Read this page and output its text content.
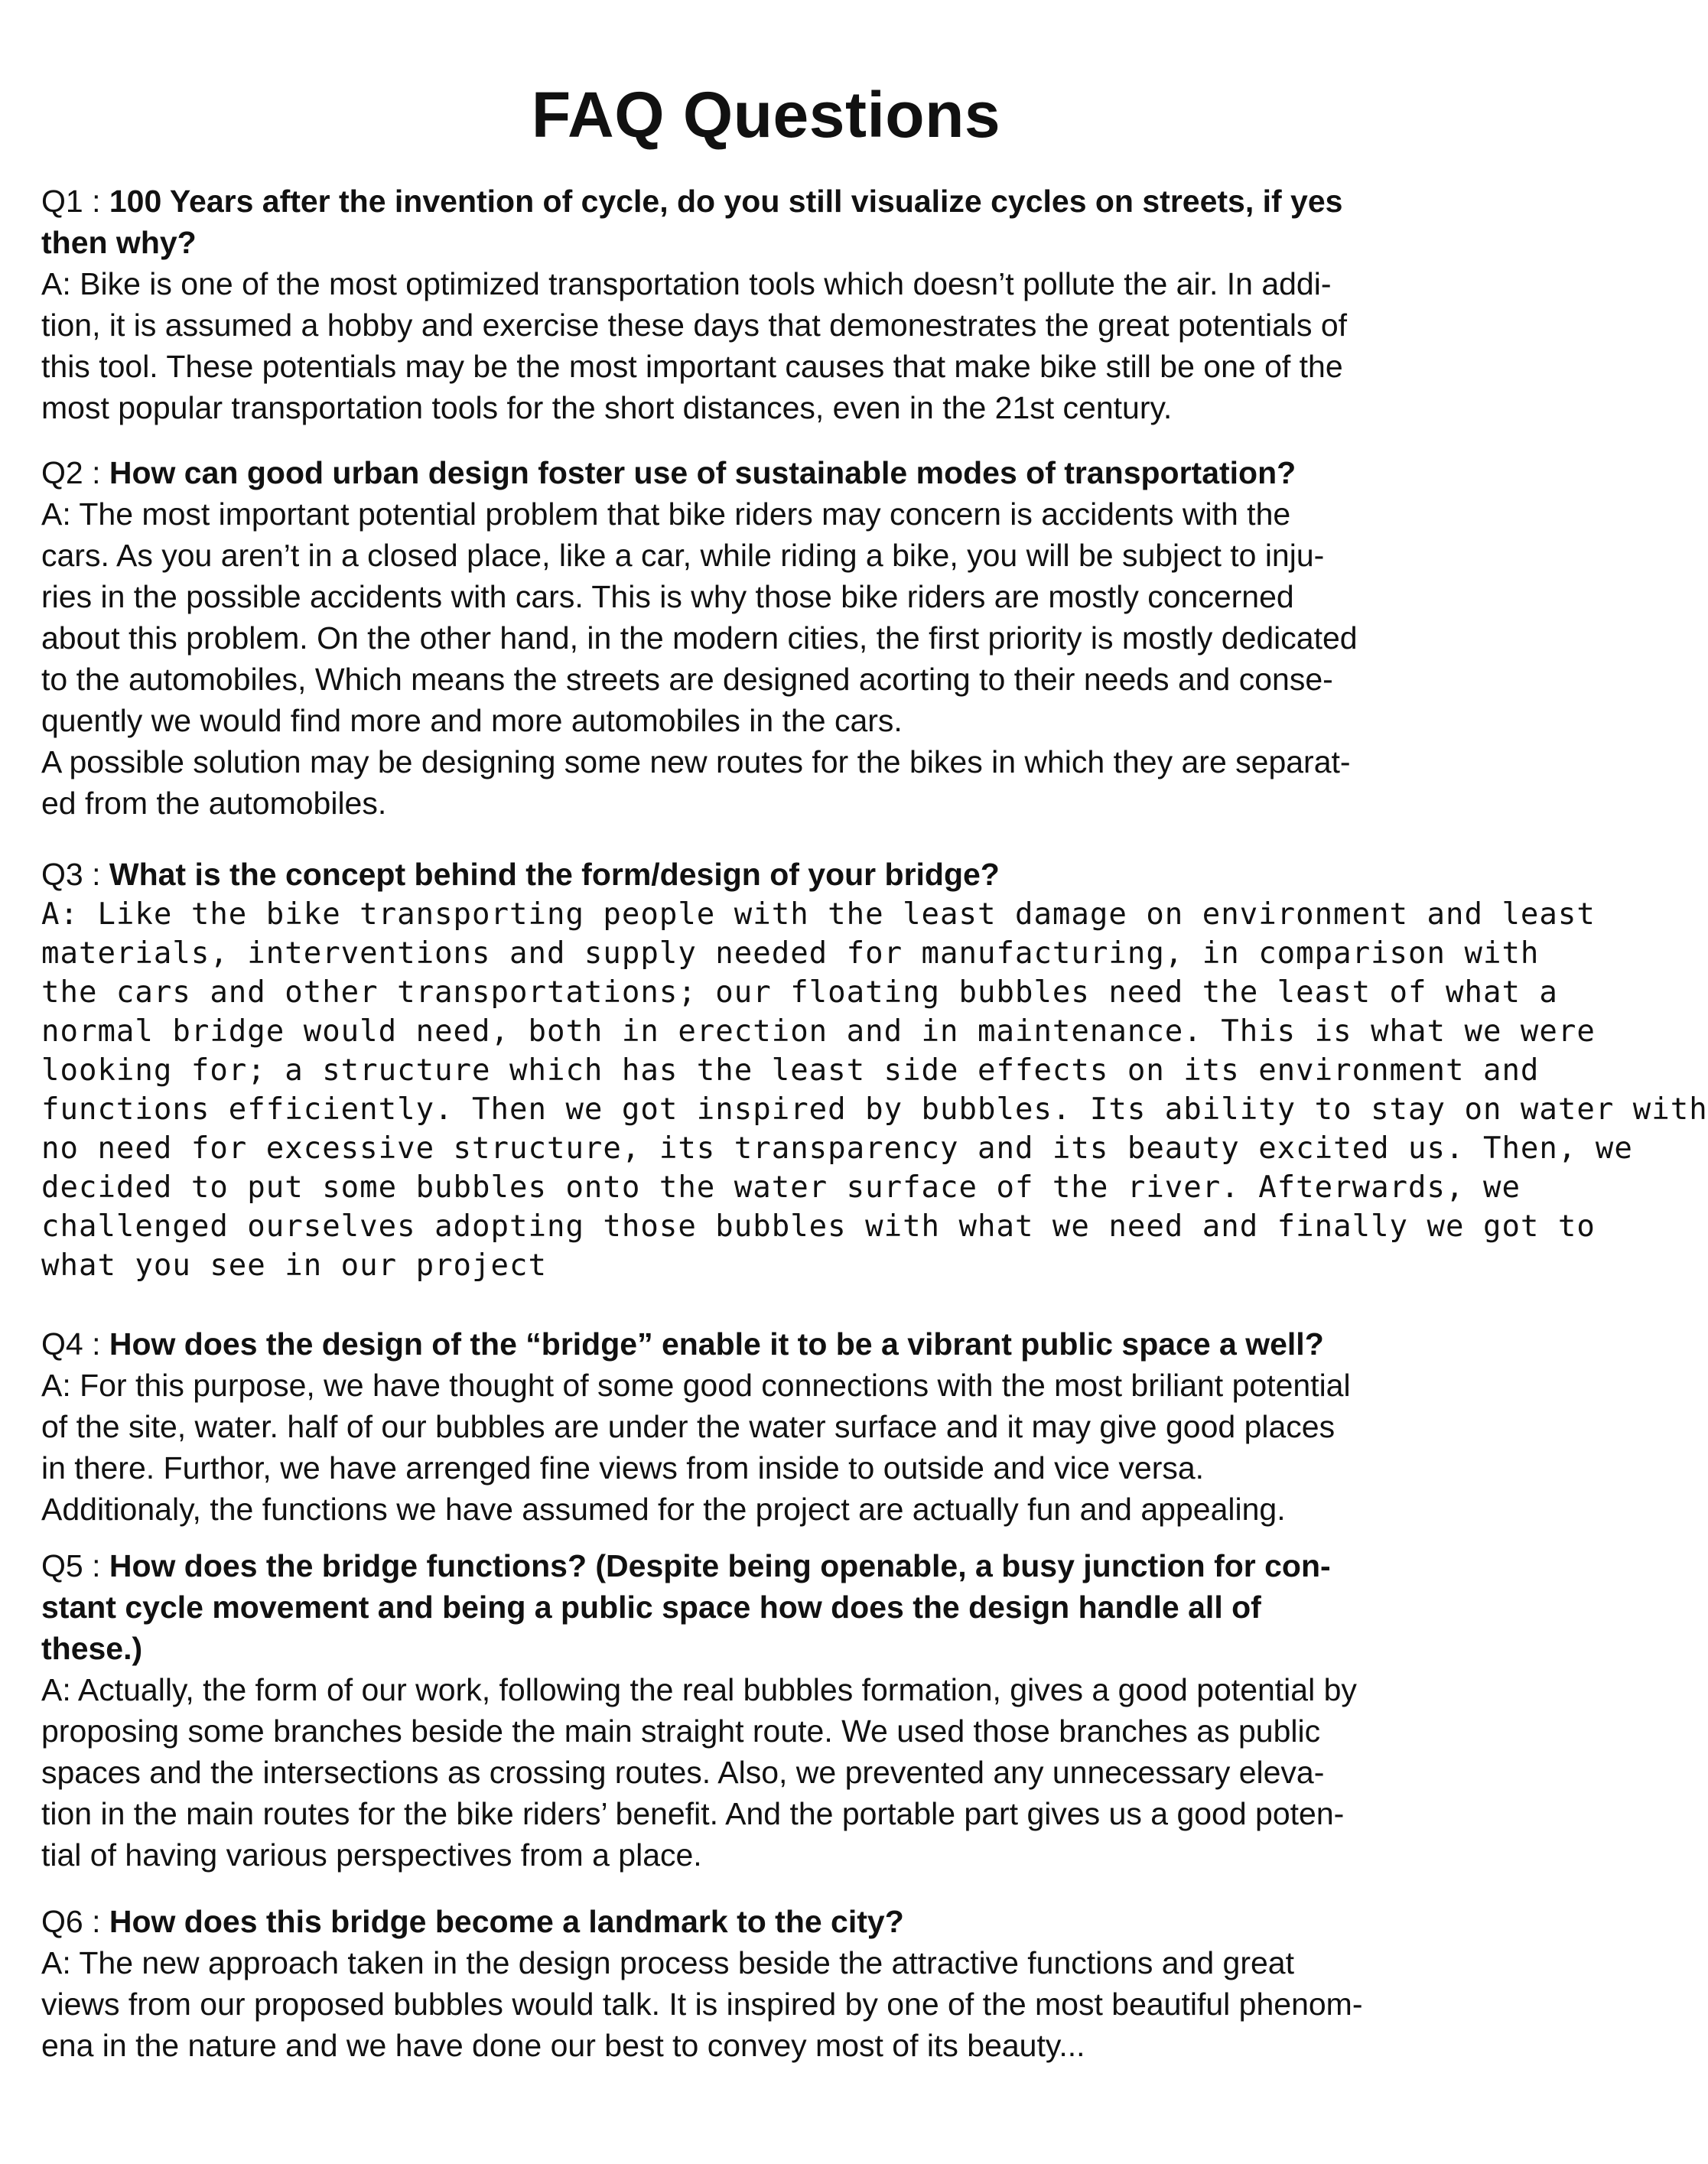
FAQ Questions
Q1 : 100 Years after the invention of cycle, do you still visualize cycles on streets, if yes
then why?
A: Bike is one of the most optimized transportation tools which doesn’t pollute the air. In addi-
tion, it is assumed a hobby and exercise these days that demonestrates the great potentials of
this tool. These potentials may be the most important causes that make bike still be one of the
most popular transportation tools for the short distances, even in the 21st century.
Q2 : How can good urban design foster use of sustainable modes of transportation?
A: The most important potential problem that bike riders may concern is accidents with the
cars. As you aren’t in a closed place, like a car, while riding a bike, you will be subject to inju-
ries in the possible accidents with cars. This is why those bike riders are mostly concerned
about this problem. On the other hand, in the modern cities, the first priority is mostly dedicated
to the automobiles, Which means the streets are designed acorting to their needs and conse-
quently we would find more and more automobiles in the cars.
A possible solution may be designing some new routes for the bikes in which they are separat-
ed from the automobiles.
Q3 : What is the concept behind the form/design of your bridge?
A: Like the bike transporting people with the least damage on environment and least
materials, interventions and supply needed for manufacturing, in comparison with
the cars and other transportations; our floating bubbles need the least of what a
normal bridge would need, both in erection and in maintenance. This is what we were
looking for; a structure which has the least side effects on its environment and
functions efficiently. Then we got inspired by bubbles. Its ability to stay on water with
no need for excessive structure, its transparency and its beauty excited us. Then, we
decided to put some bubbles onto the water surface of the river. Afterwards, we
challenged ourselves adopting those bubbles with what we need and finally we got to
what you see in our project
Q4 : How does the design of the “bridge” enable it to be a vibrant public space a well?
A: For this purpose, we have thought of some good connections with the most briliant potential
of the site, water. half of our bubbles are under the water surface and it may give good places
in there. Furthor, we have arrenged fine views from inside to outside and vice versa.
Additionaly, the functions we have assumed for the project are actually fun and appealing.
Q5 : How does the bridge functions? (Despite being openable, a busy junction for con-
stant cycle movement and being a public space how does the design handle all of
these.)
A: Actually, the form of our work, following the real bubbles formation, gives a good potential by
proposing some branches beside the main straight route. We used those branches as public
spaces and the intersections as crossing routes. Also, we prevented any unnecessary eleva-
tion in the main routes for the bike riders’ benefit. And the portable part gives us a good poten-
tial of having various perspectives from a place.
Q6 : How does this bridge become a landmark to the city?
A: The new approach taken in the design process beside the attractive functions and great
views from our proposed bubbles would talk. It is inspired by one of the most beautiful phenom-
ena in the nature and we have done our best to convey most of its beauty...
